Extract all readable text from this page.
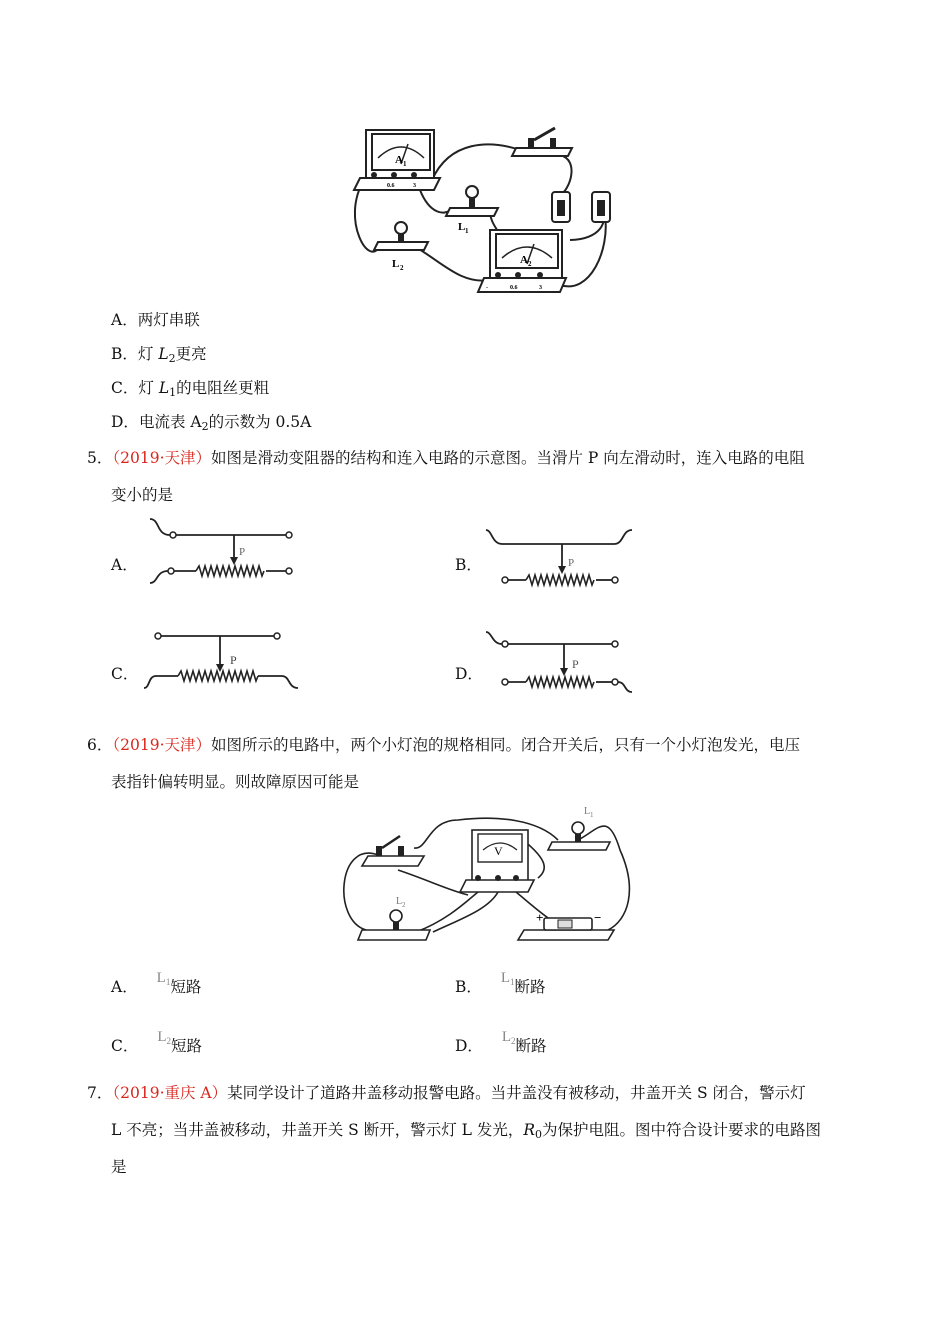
A 1
0.6	3
L 1
L 2
A 2
-	0.6	3
A．两灯串联
B．灯 $L_2$更亮
C．灯 $L_1$的电阻丝更粗
D．电流表 $A_2$的示数为 0.5A
5．（2019·天津）如图是滑动变阻器的结构和连入电路的示意图。当滑片 P 向左滑动时，连入电路的电阻
变小的是
A．
P
B．	P
C．
P
D．
P
6．（2019·天津）如图所示的电路中，两个小灯泡的规格相同。闭合开关后，只有一个小灯泡发光，电压
表指针偏转明显。则故障原因可能是
V
L 1
L 2
+	−
A． $L^1$短路	B． $L^1$断路
C． $L^2$短路	D． $L^2$断路
7．（2019·重庆 A）某同学设计了道路井盖移动报警电路。当井盖没有被移动，井盖开关 S 闭合，警示灯
L 不亮；当井盖被移动，井盖开关 S 断开，警示灯 L 发光，$R_0$为保护电阻。图中符合设计要求的电路图
是
